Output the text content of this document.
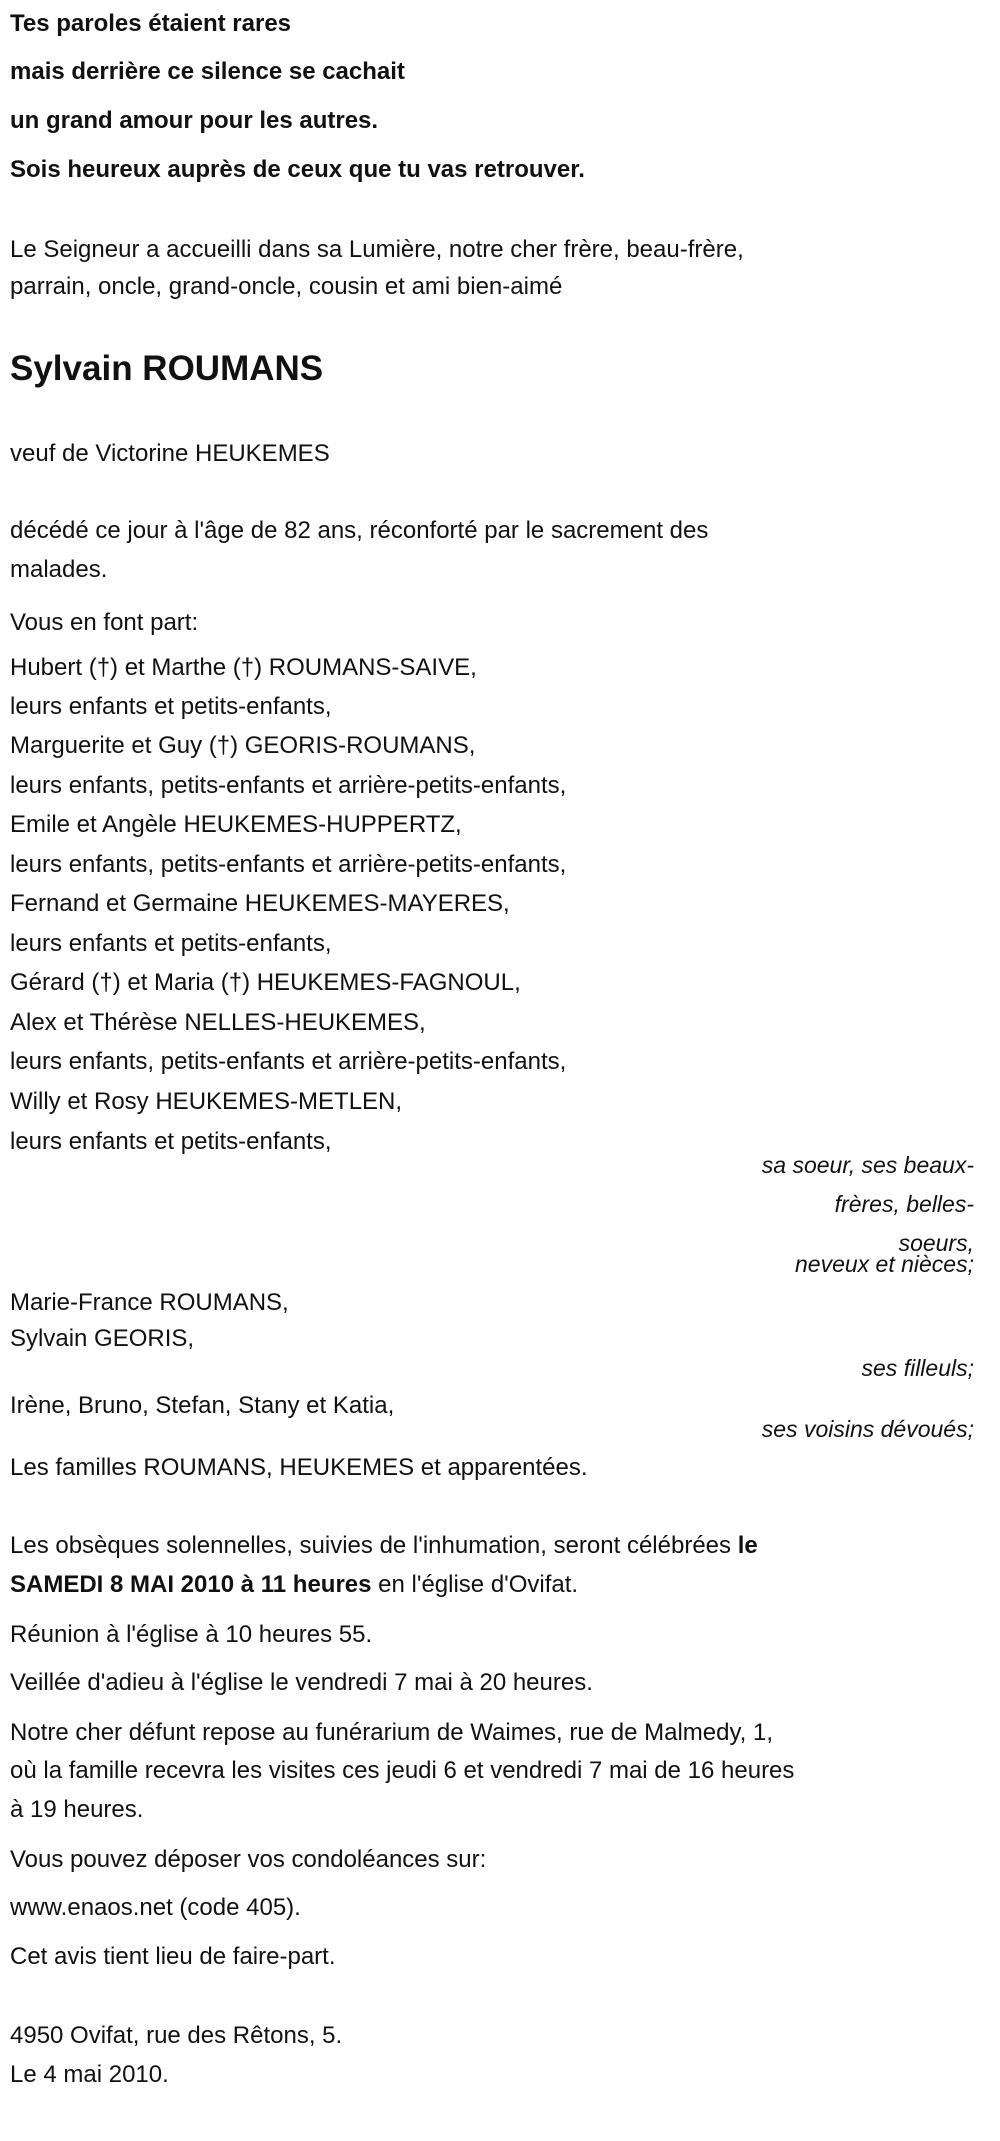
Tes paroles étaient rares
mais derrière ce silence se cachait
un grand amour pour les autres.
Sois heureux auprès de ceux que tu vas retrouver.
Le Seigneur a accueilli dans sa Lumière, notre cher frère, beau-frère,
parrain, oncle, grand-oncle, cousin et ami bien-aimé
Sylvain ROUMANS
veuf de Victorine HEUKEMES
décédé ce jour à l'âge de 82 ans, réconforté par le sacrement des
malades.
Vous en font part:
Hubert (†) et Marthe (†) ROUMANS-SAIVE,
leurs enfants et petits-enfants,
Marguerite et Guy (†) GEORIS-ROUMANS,
leurs enfants, petits-enfants et arrière-petits-enfants,
Emile et Angèle HEUKEMES-HUPPERTZ,
leurs enfants, petits-enfants et arrière-petits-enfants,
Fernand et Germaine HEUKEMES-MAYERES,
leurs enfants et petits-enfants,
Gérard (†) et Maria (†) HEUKEMES-FAGNOUL,
Alex et Thérèse NELLES-HEUKEMES,
leurs enfants, petits-enfants et arrière-petits-enfants,
Willy et Rosy HEUKEMES-METLEN,
leurs enfants et petits-enfants,
sa soeur, ses beaux-
frères, belles-
soeurs,
neveux et nièces;
Marie-France ROUMANS,
Sylvain GEORIS,
ses filleuls;
Irène, Bruno, Stefan, Stany et Katia,
ses voisins dévoués;
Les familles ROUMANS, HEUKEMES et apparentées.
Les obsèques solennelles, suivies de l'inhumation, seront célébrées le
SAMEDI 8 MAI 2010 à 11 heures en l'église d'Ovifat.
Réunion à l'église à 10 heures 55.
Veillée d'adieu à l'église le vendredi 7 mai à 20 heures.
Notre cher défunt repose au funérarium de Waimes, rue de Malmedy, 1,
où la famille recevra les visites ces jeudi 6 et vendredi 7 mai de 16 heures
à 19 heures.
Vous pouvez déposer vos condoléances sur:
www.enaos.net (code 405).
Cet avis tient lieu de faire-part.
4950 Ovifat, rue des Rêtons, 5.
Le 4 mai 2010.
